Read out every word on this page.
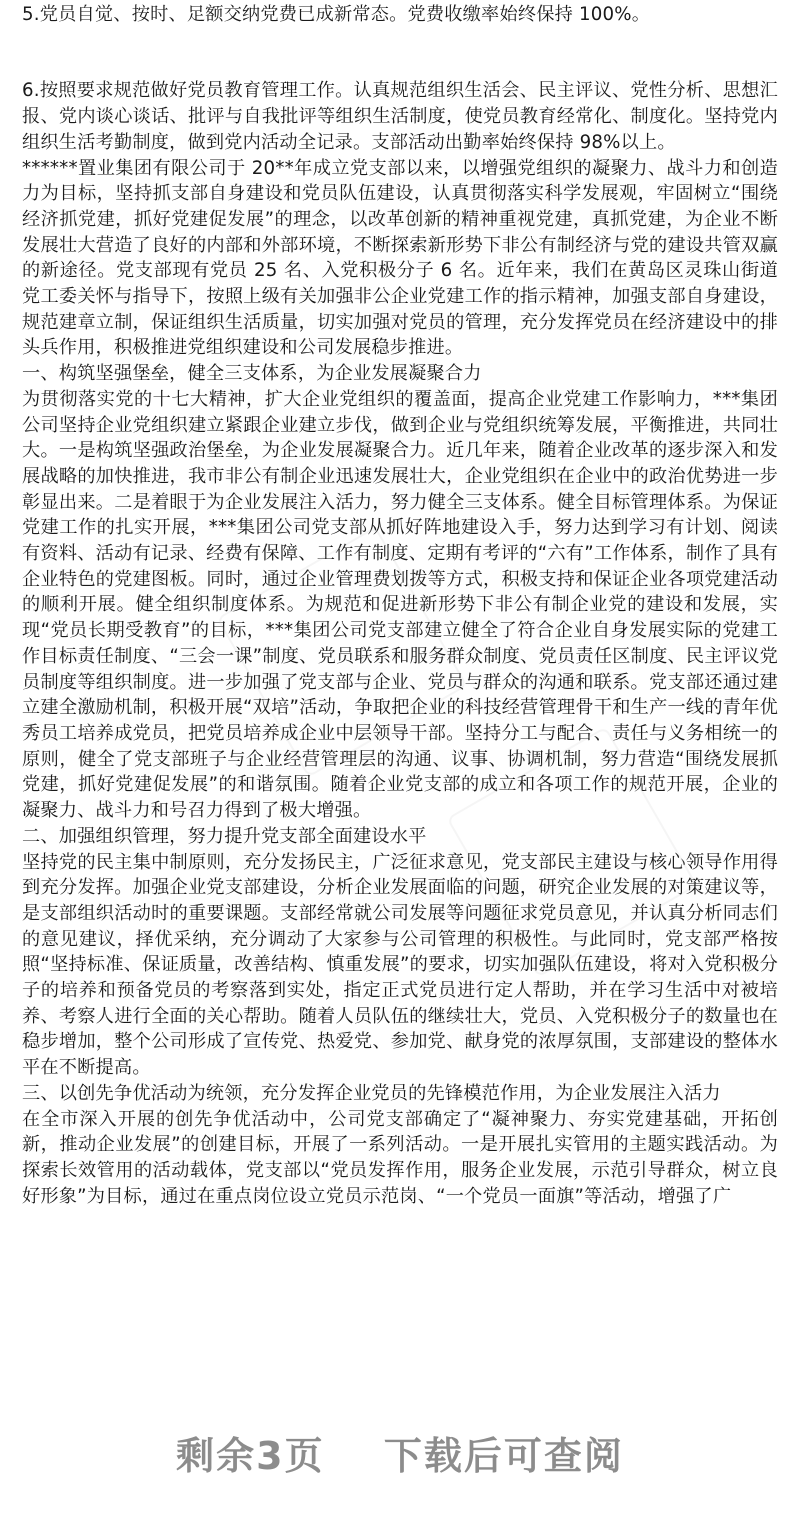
5.党员自觉、按时、足额交纳党费已成新常态。党费收缴率始终保持 100%。

6.按照要求规范做好党员教育管理工作。认真规范组织生活会、民主评议、党性分析、思想汇报、党内谈心谈话、批评与自我批评等组织生活制度，使党员教育经常化、制度化。坚持党内组织生活考勤制度，做到党内活动全记录。支部活动出勤率始终保持 98%以上。

******置业集团有限公司于 20**年成立党支部以来，以增强党组织的凝聚力、战斗力和创造力为目标，坚持抓支部自身建设和党员队伍建设，认真贯彻落实科学发展观，牢固树立“围绕经济抓党建，抓好党建促发展”的理念，以改革创新的精神重视党建，真抓党建，为企业不断发展壮大营造了良好的内部和外部环境，不断探索新形势下非公有制经济与党的建设共管双赢的新途径。党支部现有党员 25 名、入党积极分子 6 名。近年来，我们在黄岛区灵珠山街道党工委关怀与指导下，按照上级有关加强非公企业党建工作的指示精神，加强支部自身建设，规范建章立制，保证组织生活质量，切实加强对党员的管理，充分发挥党员在经济建设中的排头兵作用，积极推进党组织建设和公司发展稳步推进。

一、构筑坚强堡垒，健全三支体系，为企业发展凝聚合力

为贯彻落实党的十七大精神，扩大企业党组织的覆盖面，提高企业党建工作影响力，***集团公司坚持企业党组织建立紧跟企业建立步伐，做到企业与党组织统筹发展，平衡推进，共同壮大。一是构筑坚强政治堡垒，为企业发展凝聚合力。近几年来，随着企业改革的逐步深入和发展战略的加快推进，我市非公有制企业迅速发展壮大，企业党组织在企业中的政治优势进一步彰显出来。二是着眼于为企业发展注入活力，努力健全三支体系。健全目标管理体系。为保证党建工作的扎实开展，***集团公司党支部从抓好阵地建设入手，努力达到学习有计划、阅读有资料、活动有记录、经费有保障、工作有制度、定期有考评的“六有”工作体系，制作了具有企业特色的党建图板。同时，通过企业管理费划拨等方式，积极支持和保证企业各项党建活动的顺利开展。健全组织制度体系。为规范和促进新形势下非公有制企业党的建设和发展，实现“党员长期受教育”的目标，***集团公司党支部建立健全了符合企业自身发展实际的党建工作目标责任制度、“三会一课”制度、党员联系和服务群众制度、党员责任区制度、民主评议党员制度等组织制度。进一步加强了党支部与企业、党员与群众的沟通和联系。党支部还通过建立建全激励机制，积极开展“双培”活动，争取把企业的科技经营管理骨干和生产一线的青年优秀员工培养成党员，把党员培养成企业中层领导干部。坚持分工与配合、责任与义务相统一的原则，健全了党支部班子与企业经营管理层的沟通、议事、协调机制，努力营造“围绕发展抓党建，抓好党建促发展”的和谐氛围。随着企业党支部的成立和各项工作的规范开展，企业的凝聚力、战斗力和号召力得到了极大增强。

二、加强组织管理，努力提升党支部全面建设水平

坚持党的民主集中制原则，充分发扬民主，广泛征求意见，党支部民主建设与核心领导作用得到充分发挥。加强企业党支部建设，分析企业发展面临的问题，研究企业发展的对策建议等，是支部组织活动时的重要课题。支部经常就公司发展等问题征求党员意见，并认真分析同志们的意见建议，择优采纳，充分调动了大家参与公司管理的积极性。与此同时，党支部严格按照“坚持标准、保证质量，改善结构、慎重发展”的要求，切实加强队伍建设，将对入党积极分子的培养和预备党员的考察落到实处，指定正式党员进行定人帮助，并在学习生活中对被培养、考察人进行全面的关心帮助。随着人员队伍的继续壮大，党员、入党积极分子的数量也在稳步增加，整个公司形成了宣传党、热爱党、参加党、献身党的浓厚氛围，支部建设的整体水平在不断提高。

三、以创先争优活动为统领，充分发挥企业党员的先锋模范作用，为企业发展注入活力

在全市深入开展的创先争优活动中，公司党支部确定了“凝神聚力、夯实党建基础，开拓创新，推动企业发展”的创建目标，开展了一系列活动。一是开展扎实管用的主题实践活动。为探索长效管用的活动载体，党支部以“党员发挥作用，服务企业发展，示范引导群众，树立良好形象”为目标，通过在重点岗位设立党员示范岗、“一个党员一面旗”等活动，增强了广

剩余3页 下载后可查阅
